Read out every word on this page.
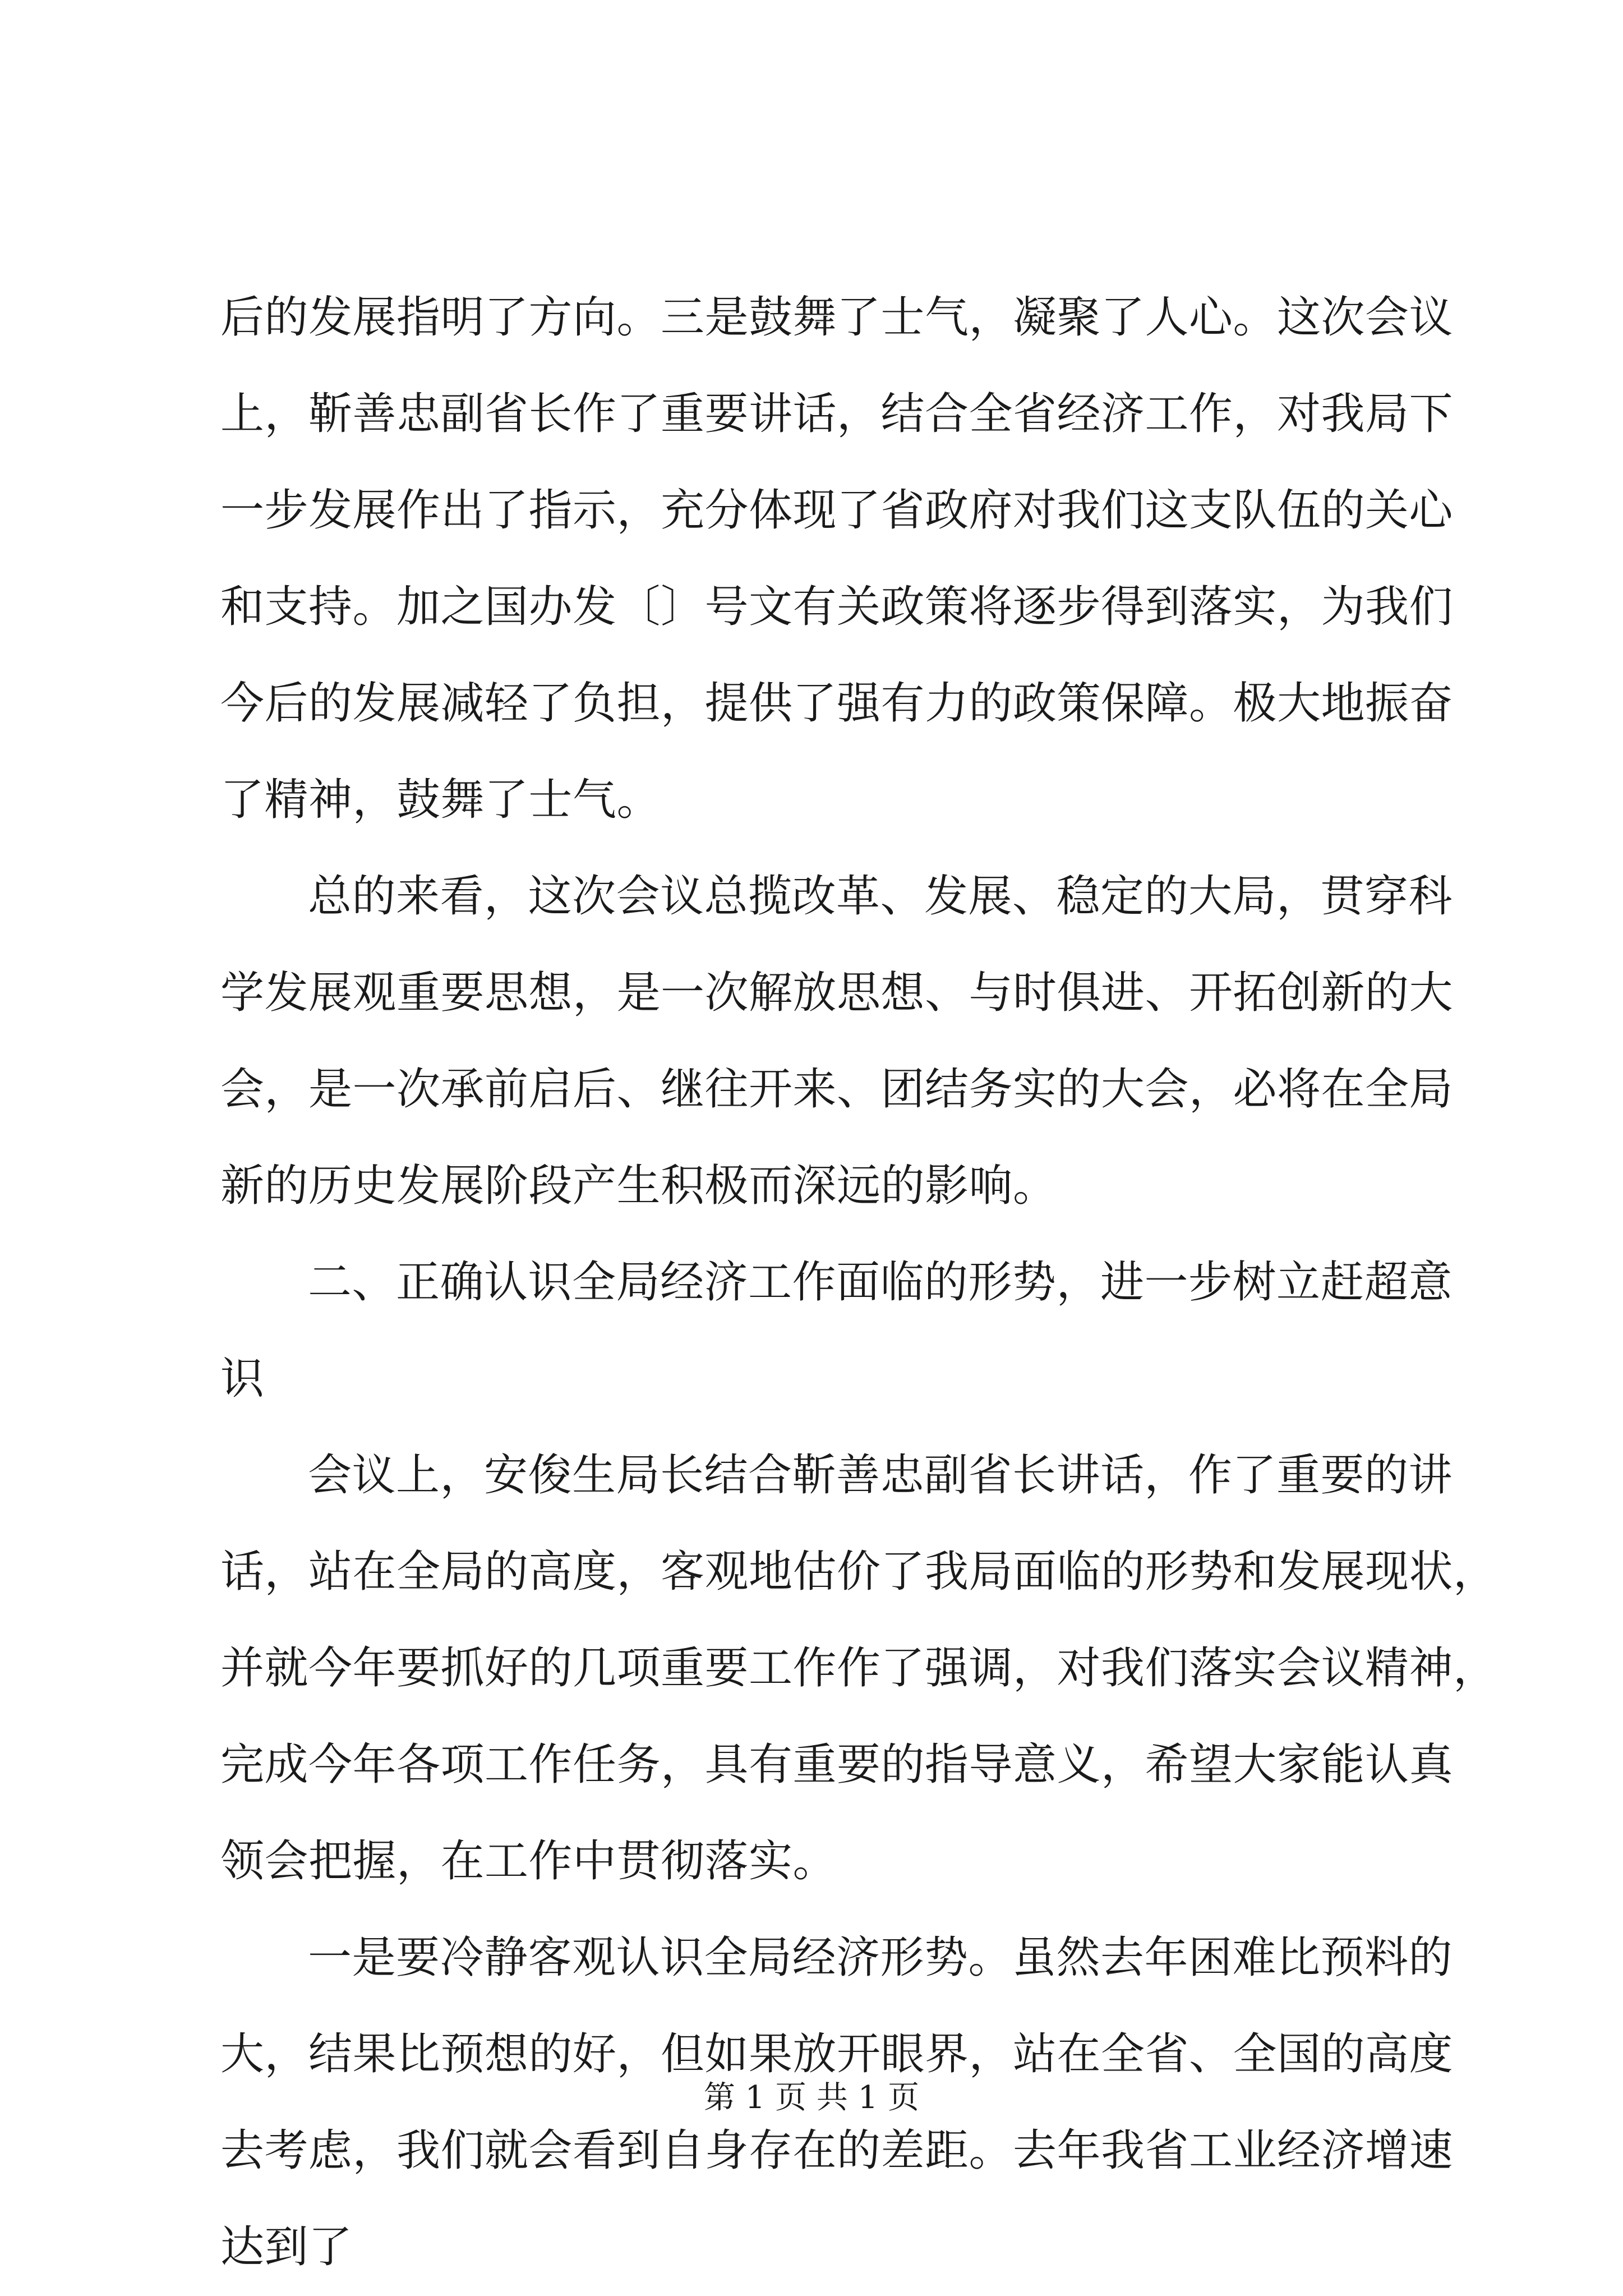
后的发展指明了方向。三是鼓舞了士气，凝聚了人心。这次会议
上，靳善忠副省长作了重要讲话，结合全省经济工作，对我局下
一步发展作出了指示，充分体现了省政府对我们这支队伍的关心
和支持。加之国办发〔〕号文有关政策将逐步得到落实，为我们
今后的发展减轻了负担，提供了强有力的政策保障。极大地振奋
了精神，鼓舞了士气。
总的来看，这次会议总揽改革、发展、稳定的大局，贯穿科
学发展观重要思想，是一次解放思想、与时俱进、开拓创新的大
会，是一次承前启后、继往开来、团结务实的大会，必将在全局
新的历史发展阶段产生积极而深远的影响。
二、正确认识全局经济工作面临的形势，进一步树立赶超意
识
会议上，安俊生局长结合靳善忠副省长讲话，作了重要的讲
话，站在全局的高度，客观地估价了我局面临的形势和发展现状，
并就今年要抓好的几项重要工作作了强调，对我们落实会议精神，
完成今年各项工作任务，具有重要的指导意义，希望大家能认真
领会把握，在工作中贯彻落实。
一是要冷静客观认识全局经济形势。虽然去年困难比预料的
大，结果比预想的好，但如果放开眼界，站在全省、全国的高度
去考虑，我们就会看到自身存在的差距。去年我省工业经济增速
达到了
第 1 页 共 1 页
